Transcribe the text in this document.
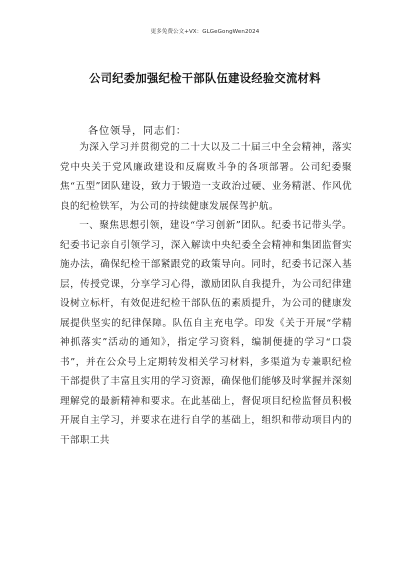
更多免费公文+VX：GLGeGongWen2024
公司纪委加强纪检干部队伍建设经验交流材料
各位领导，同志们：

为深入学习并贯彻党的二十大以及二十届三中全会精神，落实党中央关于党风廉政建设和反腐败斗争的各项部署。公司纪委聚焦“五型”团队建设，致力于锻造一支政治过硬、业务精湛、作风优良的纪检铁军，为公司的持续健康发展保驾护航。

一、聚焦思想引领，建设“学习创新”团队。纪委书记带头学。纪委书记亲自引领学习，深入解读中央纪委全会精神和集团监督实施办法，确保纪检干部紧跟党的政策导向。同时，纪委书记深入基层，传授党课，分享学习心得，激励团队自我提升，为公司纪律建设树立标杆，有效促进纪检干部队伍的素质提升，为公司的健康发展提供坚实的纪律保障。队伍自主充电学。印发《关于开展“学精神抓落实”活动的通知》，指定学习资料，编制便捷的学习“口袋书”，并在公众号上定期转发相关学习材料，多渠道为专兼职纪检干部提供了丰富且实用的学习资源，确保他们能够及时掌握并深刻理解党的最新精神和要求。在此基础上，督促项目纪检监督员积极开展自主学习，并要求在进行自学的基础上，组织和带动项目内的干部职工共
